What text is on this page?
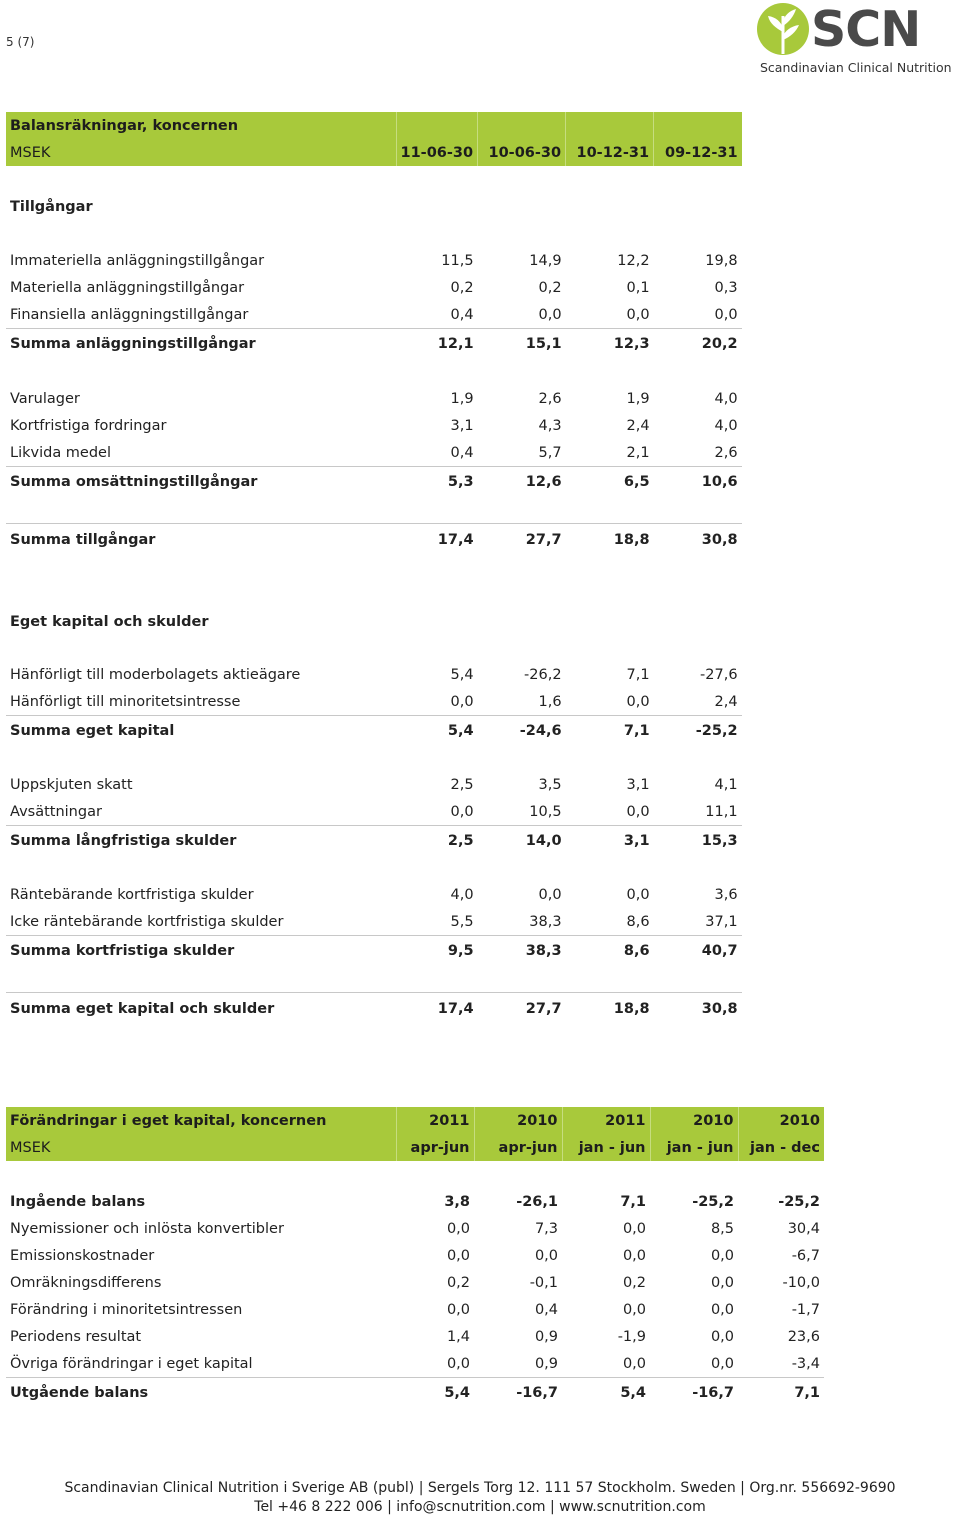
5 (7)	SCN
Scandinavian Clinical Nutrition
Balansräkningar, koncernen				
MSEK	11-06-30	10-06-30	10-12-31	09-12-31

Tillgångar				

Immateriella anläggningstillgångar	11,5	14,9	12,2	19,8
Materiella anläggningstillgångar	0,2	0,2	0,1	0,3
Finansiella anläggningstillgångar	0,4	0,0	0,0	0,0
Summa anläggningstillgångar	12,1	15,1	12,3	20,2

Varulager	1,9	2,6	1,9	4,0
Kortfristiga fordringar	3,1	4,3	2,4	4,0
Likvida medel	0,4	5,7	2,1	2,6
Summa omsättningstillgångar	5,3	12,6	6,5	10,6

Summa tillgångar	17,4	27,7	18,8	30,8

Eget kapital och skulder				

Hänförligt till moderbolagets aktieägare	5,4	-26,2	7,1	-27,6
Hänförligt till minoritetsintresse	0,0	1,6	0,0	2,4
Summa eget kapital	5,4	-24,6	7,1	-25,2

Uppskjuten skatt	2,5	3,5	3,1	4,1
Avsättningar	0,0	10,5	0,0	11,1
Summa långfristiga skulder	2,5	14,0	3,1	15,3

Räntebärande kortfristiga skulder	4,0	0,0	0,0	3,6
Icke räntebärande kortfristiga skulder	5,5	38,3	8,6	37,1
Summa kortfristiga skulder	9,5	38,3	8,6	40,7

Summa eget kapital och skulder	17,4	27,7	18,8	30,8
Förändringar i eget kapital, koncernen	2011	2010	2011	2010	2010
MSEK	apr-jun	apr-jun	jan - jun	jan - jun	jan - dec

Ingående balans	3,8	-26,1	7,1	-25,2	-25,2
Nyemissioner och inlösta konvertibler	0,0	7,3	0,0	8,5	30,4
Emissionskostnader	0,0	0,0	0,0	0,0	-6,7
Omräkningsdifferens	0,2	-0,1	0,2	0,0	-10,0
Förändring i minoritetsintressen	0,0	0,4	0,0	0,0	-1,7
Periodens resultat	1,4	0,9	-1,9	0,0	23,6
Övriga förändringar i eget kapital	0,0	0,9	0,0	0,0	-3,4
Utgående balans	5,4	-16,7	5,4	-16,7	7,1
Scandinavian Clinical Nutrition i Sverige AB (publ) | Sergels Torg 12. 111 57 Stockholm. Sweden | Org.nr. 556692-9690
Tel +46 8 222 006 | info@scnutrition.com | www.scnutrition.com
